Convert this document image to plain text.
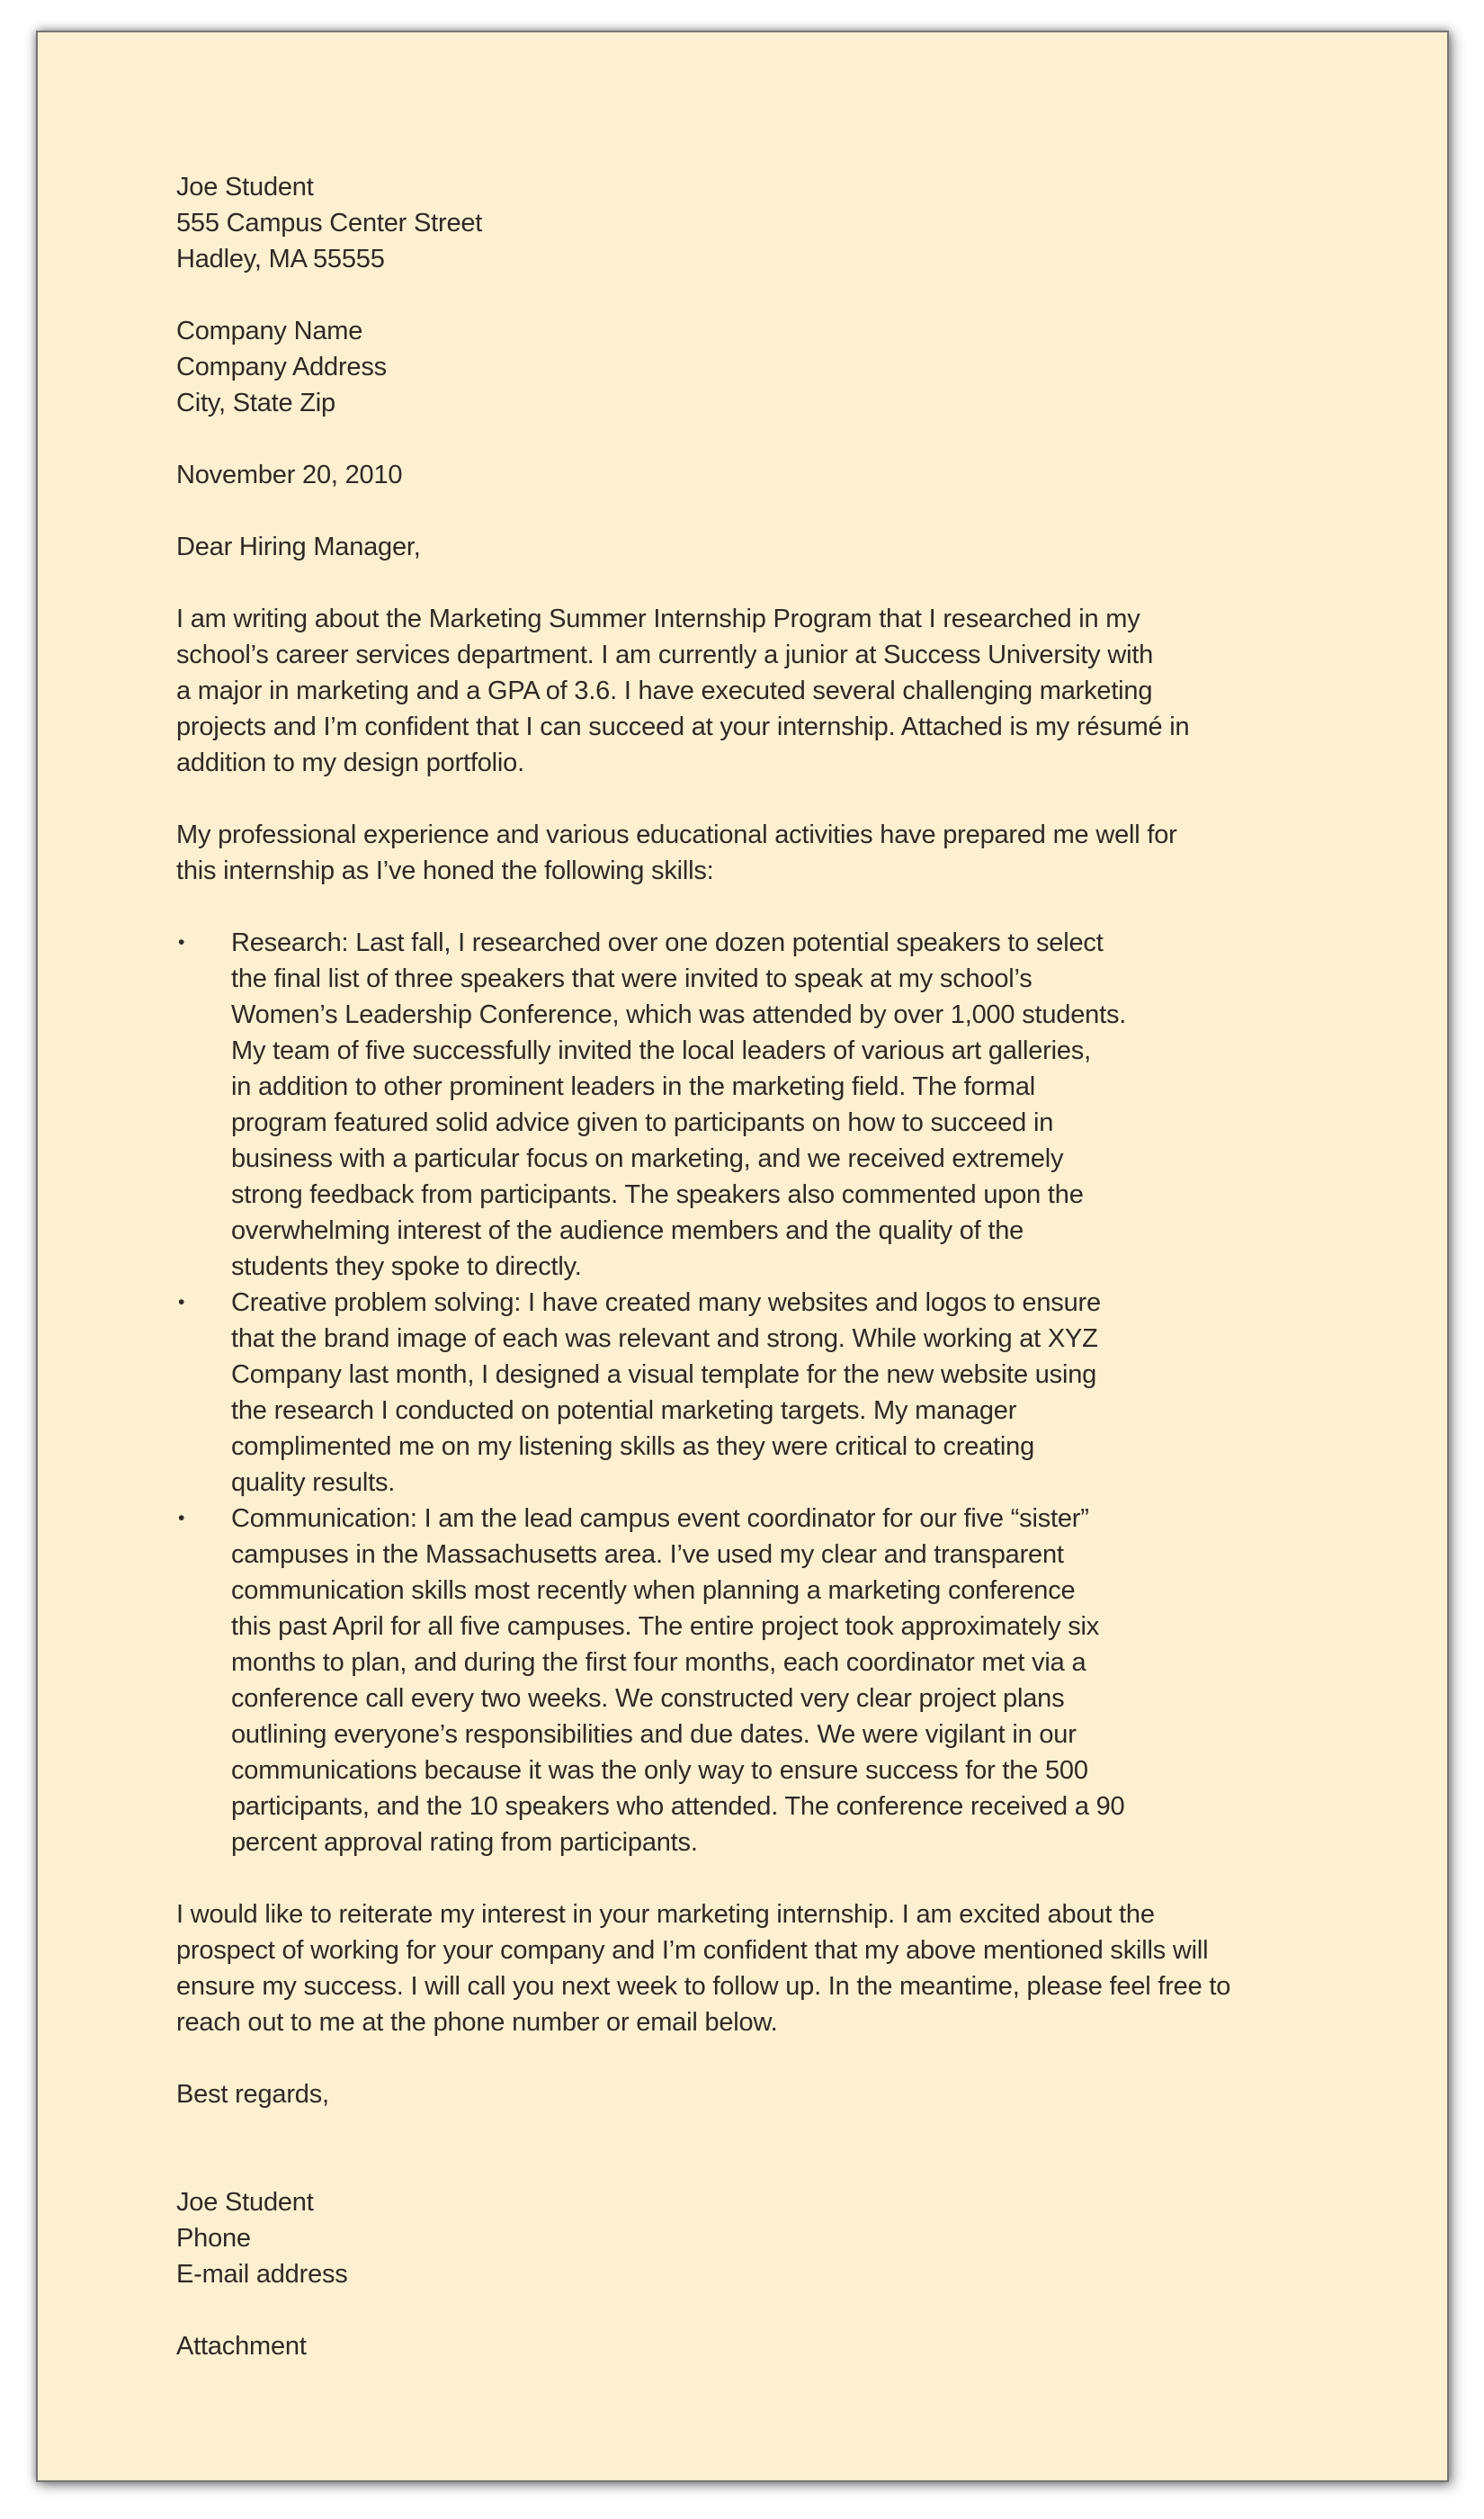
Joe Student
555 Campus Center Street
Hadley, MA 55555
Company Name
Company Address
City, State Zip
November 20, 2010
Dear Hiring Manager,
I am writing about the Marketing Summer Internship Program that I researched in my
school’s career services department. I am currently a junior at Success University with
a major in marketing and a GPA of 3.6. I have executed several challenging marketing
projects and I’m confident that I can succeed at your internship. Attached is my résumé in
addition to my design portfolio.
My professional experience and various educational activities have prepared me well for
this internship as I’ve honed the following skills:
• Research: Last fall, I researched over one dozen potential speakers to select
the final list of three speakers that were invited to speak at my school’s
Women’s Leadership Conference, which was attended by over 1,000 students.
My team of five successfully invited the local leaders of various art galleries,
in addition to other prominent leaders in the marketing field. The formal
program featured solid advice given to participants on how to succeed in
business with a particular focus on marketing, and we received extremely
strong feedback from participants. The speakers also commented upon the
overwhelming interest of the audience members and the quality of the
students they spoke to directly.
• Creative problem solving: I have created many websites and logos to ensure
that the brand image of each was relevant and strong. While working at XYZ
Company last month, I designed a visual template for the new website using
the research I conducted on potential marketing targets. My manager
complimented me on my listening skills as they were critical to creating
quality results.
• Communication: I am the lead campus event coordinator for our five “sister”
campuses in the Massachusetts area. I’ve used my clear and transparent
communication skills most recently when planning a marketing conference
this past April for all five campuses. The entire project took approximately six
months to plan, and during the first four months, each coordinator met via a
conference call every two weeks. We constructed very clear project plans
outlining everyone’s responsibilities and due dates. We were vigilant in our
communications because it was the only way to ensure success for the 500
participants, and the 10 speakers who attended. The conference received a 90
percent approval rating from participants.
I would like to reiterate my interest in your marketing internship. I am excited about the
prospect of working for your company and I’m confident that my above mentioned skills will
ensure my success. I will call you next week to follow up. In the meantime, please feel free to
reach out to me at the phone number or email below.
Best regards,
Joe Student
Phone
E-mail address
Attachment
